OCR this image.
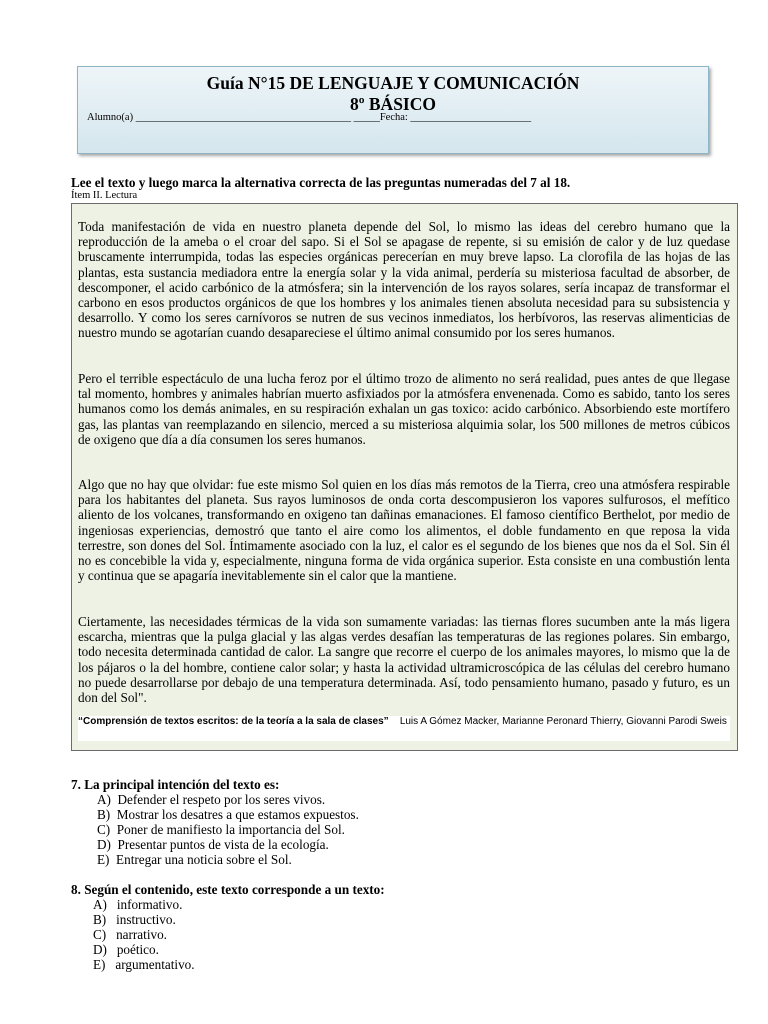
Guía N°15 DE LENGUAJE Y COMUNICACIÓN
8º BÁSICO
Alumno(a) _________________________________________ _____Fecha: _______________________
Lee el texto y luego marca la alternativa correcta de las preguntas numeradas del 7 al 18.
Ítem II. Lectura
Toda manifestación de vida en nuestro planeta depende del Sol, lo mismo las ideas del cerebro humano que la reproducción de la ameba o el croar del sapo. Si el Sol se apagase de repente, si su emisión de calor y de luz quedase bruscamente interrumpida, todas las especies orgánicas perecerían en muy breve lapso. La clorofila de las hojas de las plantas, esta sustancia mediadora entre la energía solar y la vida animal, perdería su misteriosa facultad de absorber, de descomponer, el acido carbónico de la atmósfera; sin la intervención de los rayos solares, sería incapaz de transformar el carbono en esos productos orgánicos de que los hombres y los animales tienen absoluta necesidad para su subsistencia y desarrollo. Y como los seres carnívoros se nutren de sus vecinos inmediatos, los herbívoros, las reservas alimenticias de nuestro mundo se agotarían cuando desapareciese el último animal consumido por los seres humanos.
Pero el terrible espectáculo de una lucha feroz por el último trozo de alimento no será realidad, pues antes de que llegase tal momento, hombres y animales habrían muerto asfixiados por la atmósfera envenenada. Como es sabido, tanto los seres humanos como los demás animales, en su respiración exhalan un gas toxico: acido carbónico. Absorbiendo este mortífero gas, las plantas van reemplazando en silencio, merced a su misteriosa alquimia solar, los 500 millones de metros cúbicos de oxigeno que día a día consumen los seres humanos.
Algo que no hay que olvidar: fue este mismo Sol quien en los días más remotos de la Tierra, creo una atmósfera respirable para los habitantes del planeta. Sus rayos luminosos de onda corta descompusieron los vapores sulfurosos, el mefítico aliento de los volcanes, transformando en oxigeno tan dañinas emanaciones. El famoso científico Berthelot, por medio de ingeniosas experiencias, demostró que tanto el aire como los alimentos, el doble fundamento en que reposa la vida terrestre, son dones del Sol. Íntimamente asociado con la luz, el calor es el segundo de los bienes que nos da el Sol. Sin él no es concebible la vida y, especialmente, ninguna forma de vida orgánica superior. Esta consiste en una combustión lenta y continua que se apagaría inevitablemente sin el calor que la mantiene.
Ciertamente, las necesidades térmicas de la vida son sumamente variadas: las tiernas flores sucumben ante la más ligera escarcha, mientras que la pulga glacial y las algas verdes desafían las temperaturas de las regiones polares. Sin embargo, todo necesita determinada cantidad de calor. La sangre que recorre el cuerpo de los animales mayores, lo mismo que la de los pájaros o la del hombre, contiene calor solar; y hasta la actividad ultramicroscópica de las células del cerebro humano no puede desarrollarse por debajo de una temperatura determinada. Así, todo pensamiento humano, pasado y futuro, es un don del Sol".
“Comprensión de textos escritos: de la teoría a la sala de clases” Luis A Gómez Macker, Marianne Peronard Thierry, Giovanni Parodi Sweis
7. La principal intención del texto es:
A) Defender el respeto por los seres vivos.
B) Mostrar los desatres a que estamos expuestos.
C) Poner de manifiesto la importancia del Sol.
D) Presentar puntos de vista de la ecología.
E)  Entregar una noticia sobre el Sol.
8. Según el contenido, este texto corresponde a un texto:
A) informativo.
B) instructivo.
C) narrativo.
D) poético.
E)   argumentativo.
